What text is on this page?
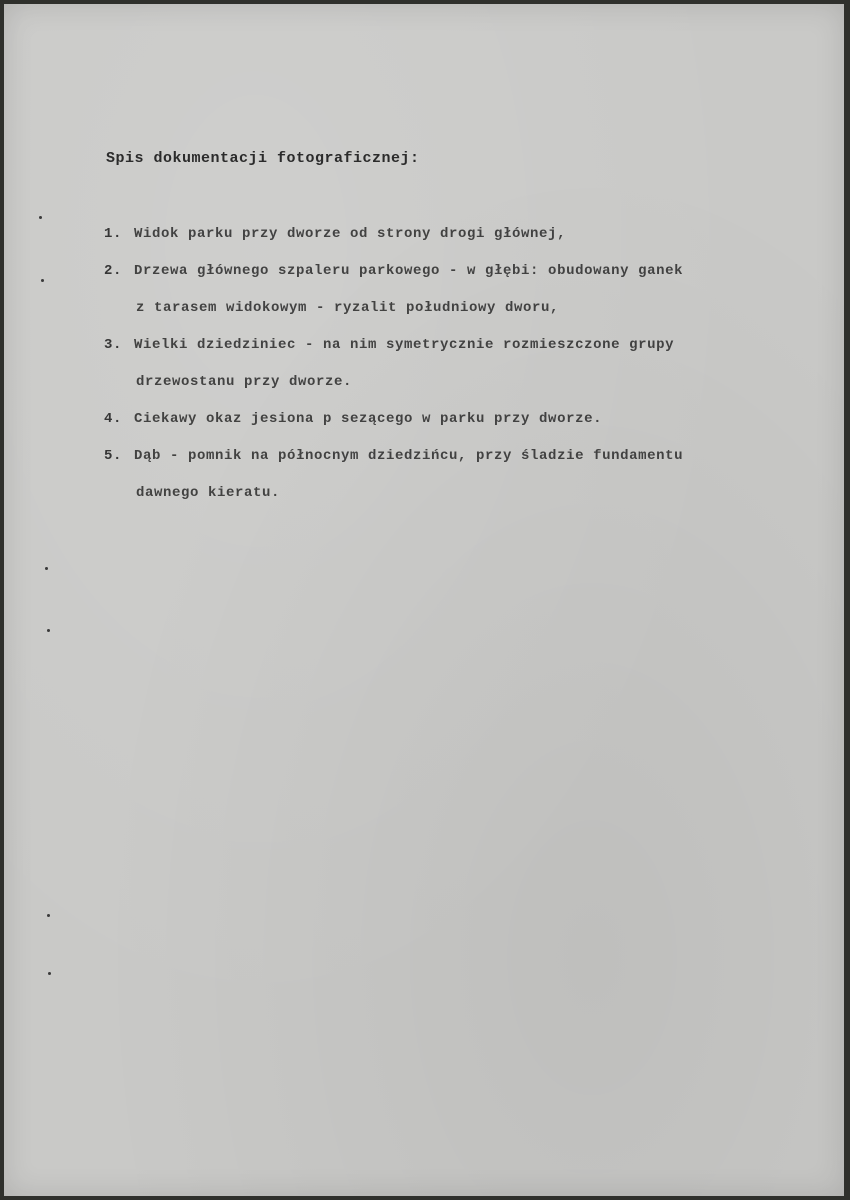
Spis dokumentacji fotograficznej:
1. Widok parku przy dworze od strony drogi głównej,
2. Drzewa głównego szpaleru parkowego - w głębi: obudowany ganek
z tarasem widokowym - ryzalit południowy dworu,
3. Wielki dziedziniec - na nim symetrycznie rozmieszczone grupy
drzewostanu przy dworze.
4. Ciekawy okaz jesiona p sezącego w parku przy dworze.
5. Dąb - pomnik na północnym dziedzińcu, przy śladzie fundamentu
dawnego kieratu.
